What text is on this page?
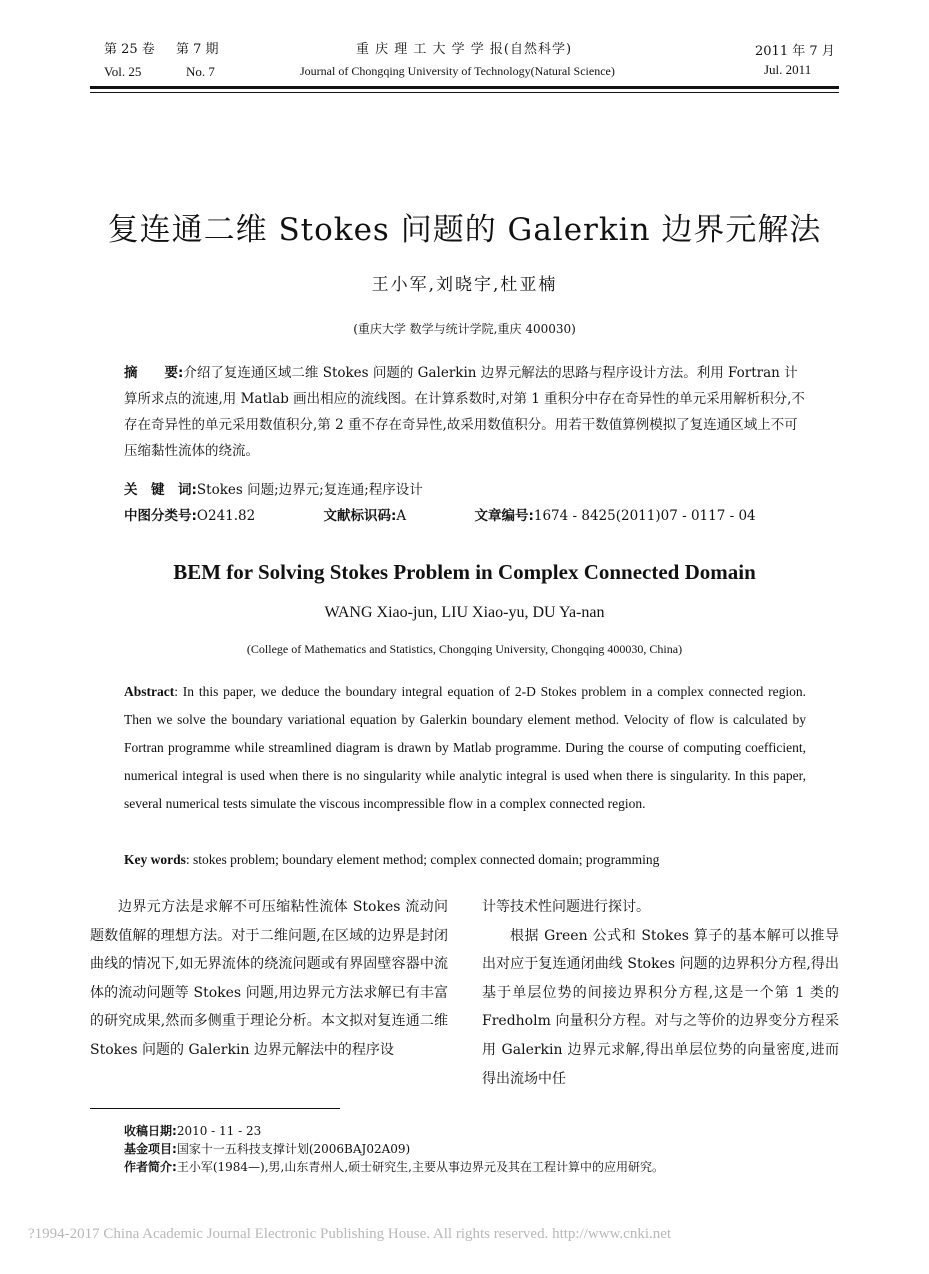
第 25 卷 第 7 期	重 庆 理 工 大 学 学 报(自然科学)	2011 年 7 月
Vol. 25	No. 7	Journal of Chongqing University of Technology(Natural Science)	Jul. 2011
复连通二维 Stokes 问题的 Galerkin 边界元解法
王小军,刘晓宇,杜亚楠
(重庆大学 数学与统计学院,重庆 400030)
摘　　要:介绍了复连通区域二维 Stokes 问题的 Galerkin 边界元解法的思路与程序设计方法。利用 Fortran 计算所求点的流速,用 Matlab 画出相应的流线图。在计算系数时,对第 1 重积分中存在奇异性的单元采用解析积分,不存在奇异性的单元采用数值积分,第 2 重不存在奇异性,故采用数值积分。用若干数值算例模拟了复连通区域上不可压缩黏性流体的绕流。
关　键　词:Stokes 问题;边界元;复连通;程序设计
中图分类号:O241.82	文献标识码:A	文章编号:1674 - 8425(2011)07 - 0117 - 04
BEM for Solving Stokes Problem in Complex Connected Domain
WANG Xiao-jun, LIU Xiao-yu, DU Ya-nan
(College of Mathematics and Statistics, Chongqing University, Chongqing 400030, China)
Abstract: In this paper, we deduce the boundary integral equation of 2-D Stokes problem in a complex connected region. Then we solve the boundary variational equation by Galerkin boundary element method. Velocity of flow is calculated by Fortran programme while streamlined diagram is drawn by Matlab programme. During the course of computing coefficient, numerical integral is used when there is no singularity while analytic integral is used when there is singularity. In this paper, several numerical tests simulate the viscous incompressible flow in a complex connected region.
Key words: stokes problem; boundary element method; complex connected domain; programming
边界元方法是求解不可压缩粘性流体 Stokes 流动问题数值解的理想方法。对于二维问题,在区域的边界是封闭曲线的情况下,如无界流体的绕流问题或有界固壁容器中流体的流动问题等 Stokes 问题,用边界元方法求解已有丰富的研究成果,然而多侧重于理论分析。本文拟对复连通二维 Stokes 问题的 Galerkin 边界元解法中的程序设
计等技术性问题进行探讨。
根据 Green 公式和 Stokes 算子的基本解可以推导出对应于复连通闭曲线 Stokes 问题的边界积分方程,得出基于单层位势的间接边界积分方程,这是一个第 1 类的 Fredholm 向量积分方程。对与之等价的边界变分方程采用 Galerkin 边界元求解,得出单层位势的向量密度,进而得出流场中任
收稿日期:2010 - 11 - 23
基金项目:国家十一五科技支撑计划(2006BAJ02A09)
作者简介:王小军(1984—),男,山东青州人,硕士研究生,主要从事边界元及其在工程计算中的应用研究。
?1994-2017 China Academic Journal Electronic Publishing House. All rights reserved. http://www.cnki.net
